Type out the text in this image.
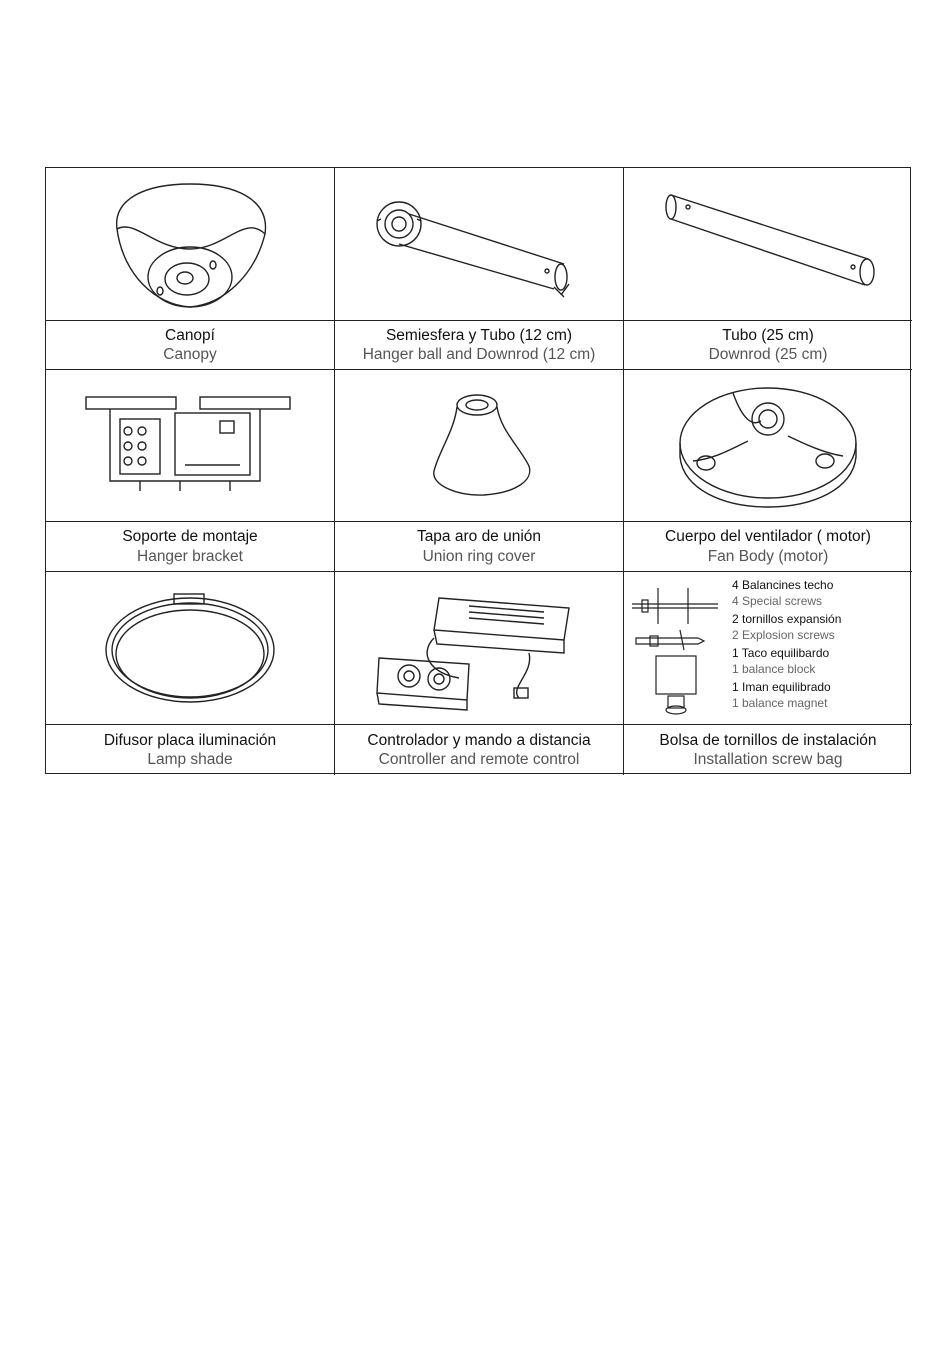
Canopí
Canopy
Semiesfera y Tubo (12 cm)
Hanger ball and Downrod (12 cm)
Tubo (25 cm)
Downrod (25 cm)
Soporte de montaje
Hanger bracket
Tapa aro de unión
Union ring cover
Cuerpo del ventilador ( motor)
Fan Body (motor)
4 Balancines techo
4 Special screws
2 tornillos expansión
2 Explosion screws
1 Taco equilibardo
1 balance block
1 Iman equilibrado
1 balance magnet
Difusor placa iluminación
Lamp shade
Controlador y mando a distancia
Controller and remote control
Bolsa de tornillos de instalación
Installation screw bag
